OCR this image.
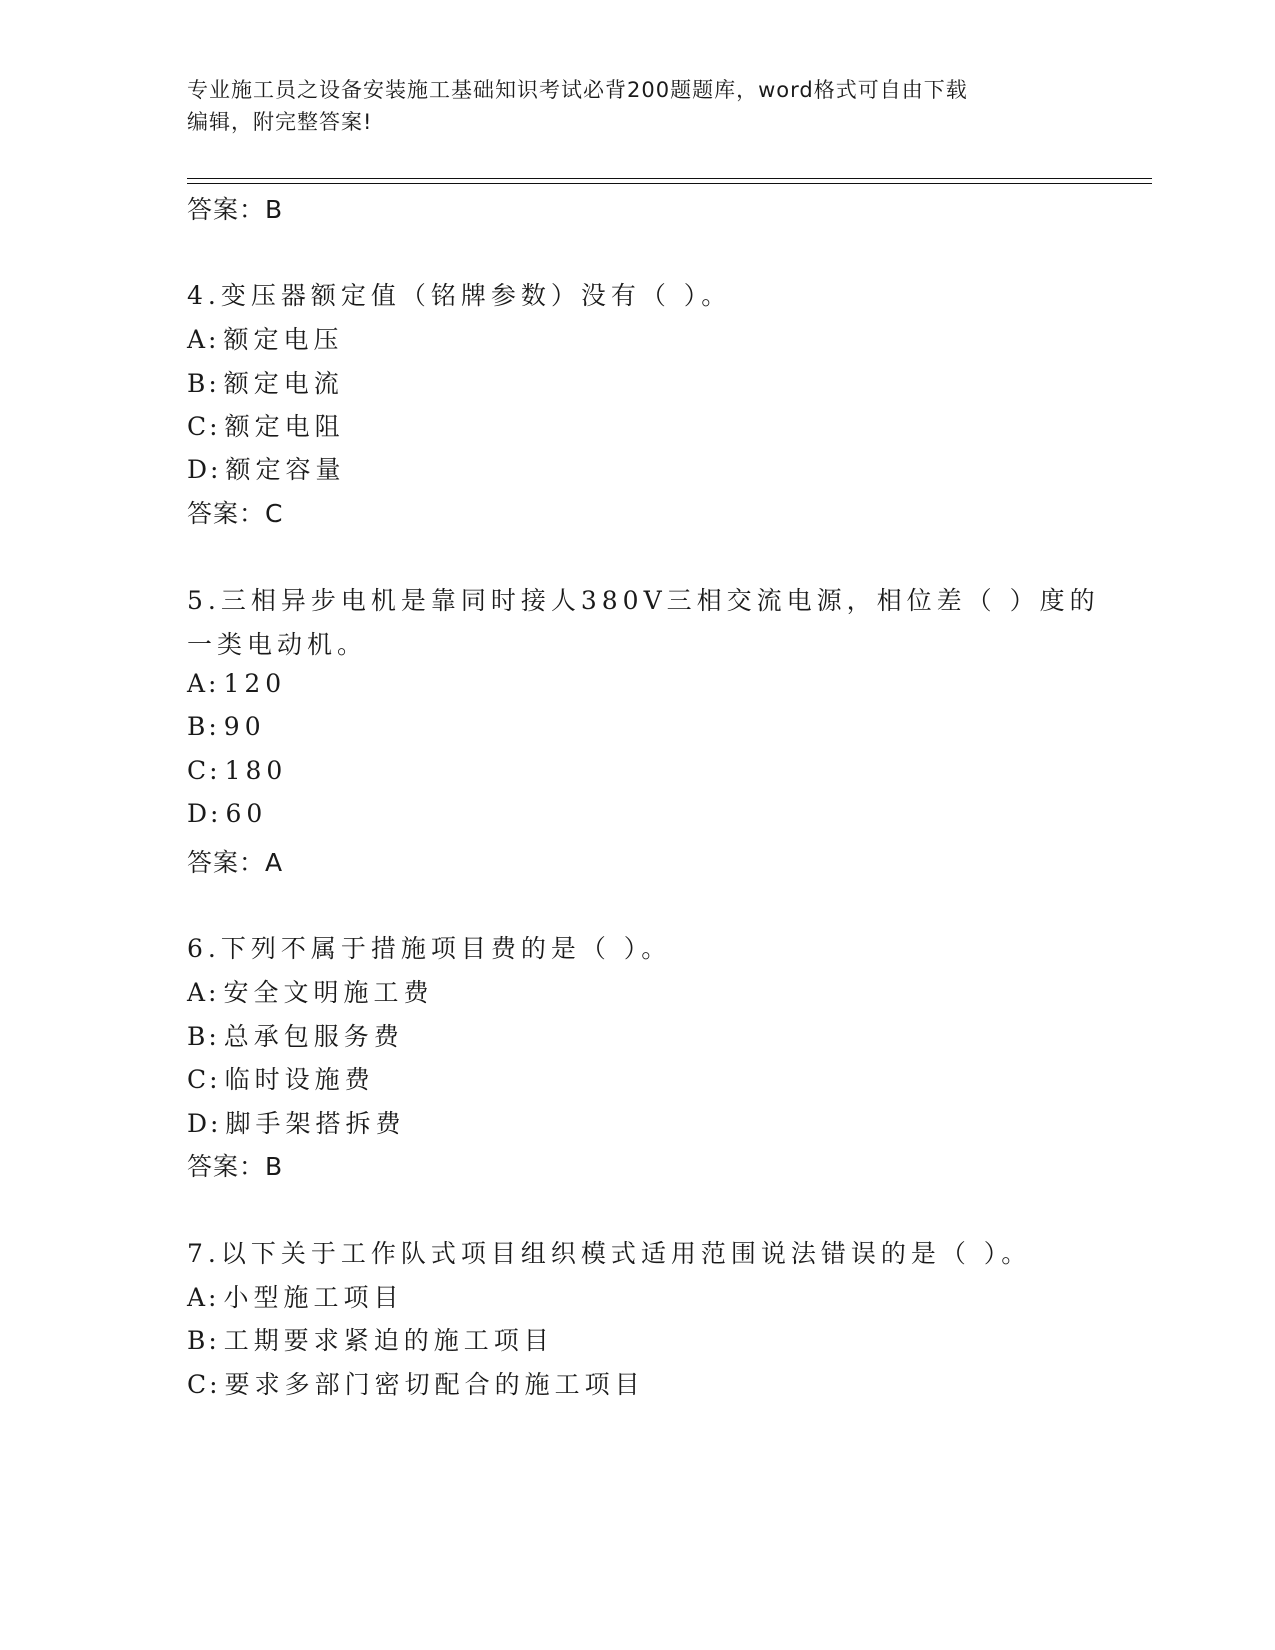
专业施工员之设备安装施工基础知识考试必背200题题库，word格式可自由下载
编辑，附完整答案!
答案：B
4.变压器额定值（铭牌参数）没有（ ）。
A: 额定电压
B: 额定电流
C: 额定电阻
D: 额定容量
答案：C
5.三相异步电机是靠同时接人380V三相交流电源，相位差（ ）度的
一类电动机。
A: 120
B: 90
C: 180
D: 60
答案：A
6.下列不属于措施项目费的是（ ）。
A: 安全文明施工费
B: 总承包服务费
C: 临时设施费
D: 脚手架搭拆费
答案：B
7.以下关于工作队式项目组织模式适用范围说法错误的是（ ）。
A: 小型施工项目
B: 工期要求紧迫的施工项目
C: 要求多部门密切配合的施工项目
